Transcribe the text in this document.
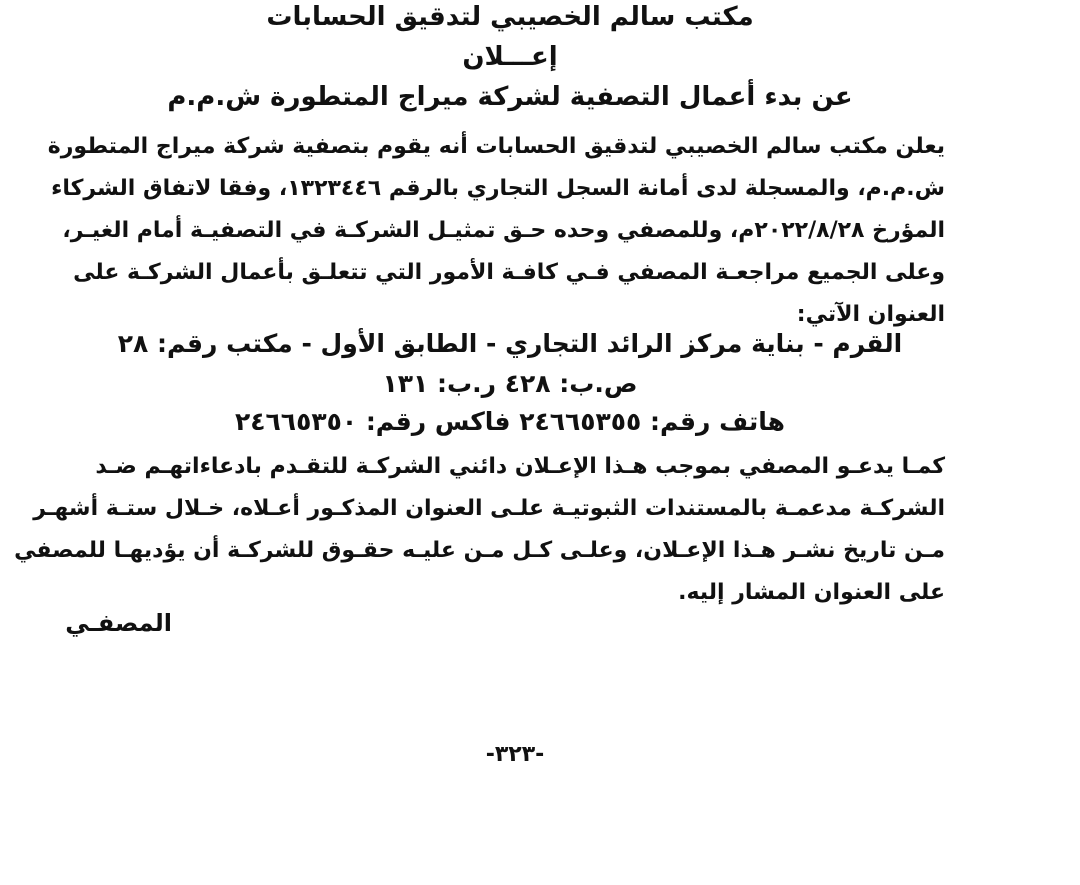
مكتب سالم الخصيبي لتدقيق الحسابات
إعـــلان
عن بدء أعمال التصفية لشركة ميراج المتطورة ش.م.م
يعلن مكتب سالم الخصيبي لتدقيق الحسابات أنه يقوم بتصفية شركة ميراج المتطورة
ش.م.م، والمسجلة لدى أمانة السجل التجاري بالرقم ١٣٢٣٤٤٦، وفقا لاتفاق الشركاء
المؤرخ ٢٠٢٢/٨/٢٨م، وللمصفي وحده حـق تمثيـل الشركـة في التصفيـة أمام الغيـر،
وعلى الجميع مراجعـة المصفي فـي كافـة الأمور التي تتعلـق بأعمال الشركـة على
العنوان الآتي:
القرم - بناية مركز الرائد التجاري - الطابق الأول - مكتب رقم: ٢٨
ص.ب: ٤٢٨ ر.ب: ١٣١
هاتف رقم: ٢٤٦٦٥٣٥٥ فاكس رقم: ٢٤٦٦٥٣٥٠
كمـا يدعـو المصفي بموجب هـذا الإعـلان دائني الشركـة للتقـدم بادعاءاتهـم ضـد
الشركـة مدعمـة بالمستندات الثبوتيـة علـى العنوان المذكـور أعـلاه، خـلال ستـة أشهـر
مـن تاريخ نشـر هـذا الإعـلان، وعلـى كـل مـن عليـه حقـوق للشركـة أن يؤديهـا للمصفي
على العنوان المشار إليه.
المصفـي
-٣٢٣-
